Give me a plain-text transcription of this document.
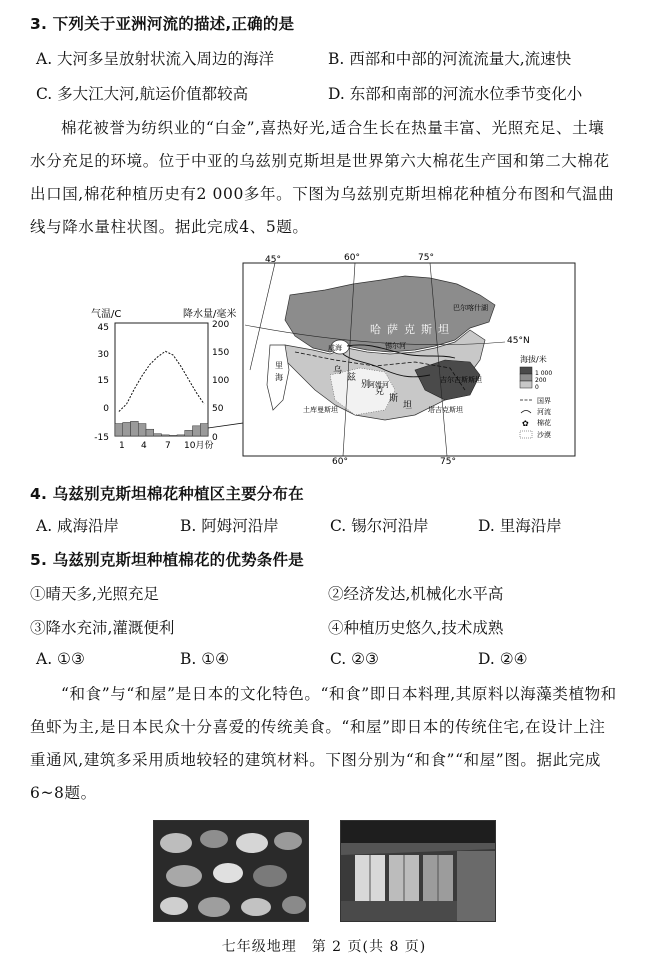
3. 下列关于亚洲河流的描述,正确的是
A. 大河多呈放射状流入周边的海洋	B. 西部和中部的河流流量大,流速快
C. 多大江大河,航运价值都较高	D. 东部和南部的河流水位季节变化小
棉花被誉为纺织业的“白金”,喜热好光,适合生长在热量丰富、光照充足、土壤水分充足的环境。位于中亚的乌兹别克斯坦是世界第六大棉花生产国和第二大棉花出口国,棉花种植历史有2 000多年。下图为乌兹别克斯坦棉花种植分布图和气温曲线与降水量柱状图。据此完成4、5题。
气温/C	降水量/毫米
45
30
15
0
-15
200
150
100
50
0
1 4 7 10月份
45°	60°	75°
60°	75°
45°N
哈萨克斯坦
咸海	锡尔河
阿姆河
乌
兹
别
克
斯
坦
土库曼斯坦
吉尔吉斯斯坦
塔吉克斯坦
里
海
巴尔喀什湖
海拔/米
1 000
200
0
国界
河流
✿ 棉花
沙漠
4. 乌兹别克斯坦棉花种植区主要分布在
A. 咸海沿岸	B. 阿姆河沿岸	C. 锡尔河沿岸	D. 里海沿岸
5. 乌兹别克斯坦种植棉花的优势条件是
①晴天多,光照充足	②经济发达,机械化水平高
③降水充沛,灌溉便利	④种植历史悠久,技术成熟
A. ①③	B. ①④	C. ②③	D. ②④
“和食”与“和屋”是日本的文化特色。“和食”即日本料理,其原料以海藻类植物和鱼虾为主,是日本民众十分喜爱的传统美食。“和屋”即日本的传统住宅,在设计上注重通风,建筑多采用质地较轻的建筑材料。下图分别为“和食”“和屋”图。据此完成6~8题。
七年级地理　第 2 页(共 8 页)
